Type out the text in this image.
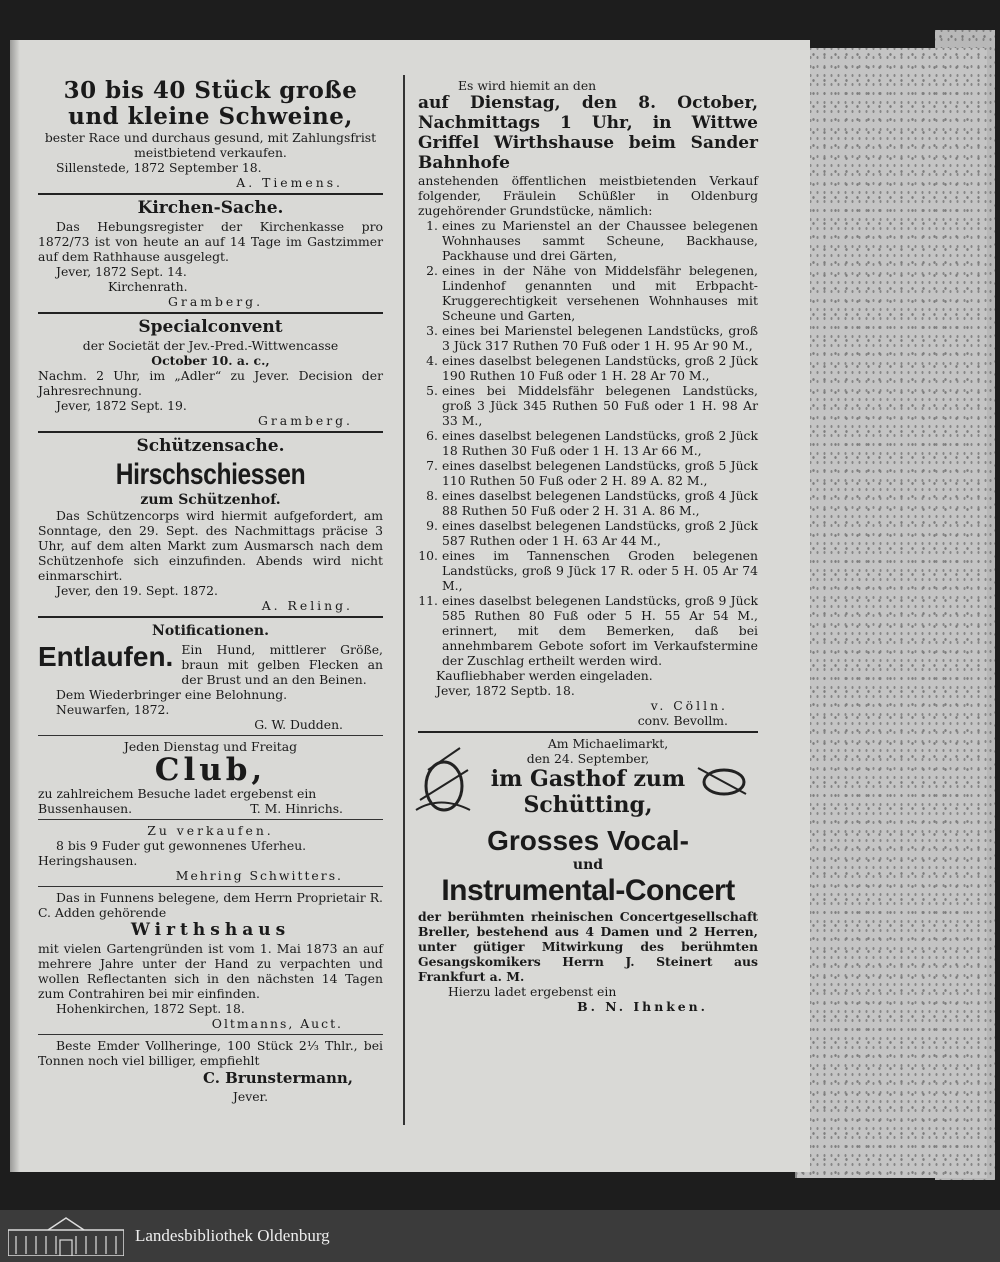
30 bis 40 Stück große und kleine Schweine,
bester Race und durchaus gesund, mit Zahlungsfrist meistbietend verkaufen.
Sillenstede, 1872 September 18.
A. Tiemens.
Kirchen-Sache.
Das Hebungsregister der Kirchenkasse pro 1872/73 ist von heute an auf 14 Tage im Gastzimmer auf dem Rathhause ausgelegt.
Jever, 1872 Sept. 14.
Kirchenrath.
Gramberg.
Specialconvent
der Societät der Jev.-Pred.-Wittwencasse
October 10. a. c.,
Nachm. 2 Uhr, im „Adler“ zu Jever. Decision der Jahresrechnung.
Jever, 1872 Sept. 19.
Gramberg.
Schützensache.
Hirschschiessen
zum Schützenhof.
Das Schützencorps wird hiermit aufgefordert, am Sonntage, den 29. Sept. des Nachmittags präcise 3 Uhr, auf dem alten Markt zum Ausmarsch nach dem Schützenhofe sich einzufinden. Abends wird nicht einmarschirt.
Jever, den 19. Sept. 1872.
A. Reling.
Notificationen.
Entlaufen. Ein Hund, mittlerer Größe, braun mit gelben Flecken an der Brust und an den Beinen.
Dem Wiederbringer eine Belohnung.
Neuwarfen, 1872.
G. W. Dudden.
Jeden Dienstag und Freitag
Club,
zu zahlreichem Besuche ladet ergebenst ein
Bussenhausen.	T. M. Hinrichs.
Zu verkaufen.
8 bis 9 Fuder gut gewonnenes Uferheu.
Heringshausen.
Mehring Schwitters.
Das in Funnens belegene, dem Herrn Proprietair R. C. Adden gehörende
Wirthshaus
mit vielen Gartengründen ist vom 1. Mai 1873 an auf mehrere Jahre unter der Hand zu verpachten und wollen Reflectanten sich in den nächsten 14 Tagen zum Contrahiren bei mir einfinden.
Hohenkirchen, 1872 Sept. 18.
Oltmanns, Auct.
Beste Emder Vollheringe, 100 Stück 2⅓ Thlr., bei Tonnen noch viel billiger, empfiehlt
C. Brunstermann,
Jever.
Es wird hiemit an den
auf Dienstag, den 8. October, Nachmittags 1 Uhr, in Wittwe Griffel Wirthshause beim Sander Bahnhofe
anstehenden öffentlichen meistbietenden Verkauf folgender, Fräulein Schüßler in Oldenburg zugehörender Grundstücke, nämlich:
1. eines zu Marienstel an der Chaussee belegenen Wohnhauses sammt Scheune, Backhause, Packhause und drei Gärten,
2. eines in der Nähe von Middelsfähr belegenen, Lindenhof genannten und mit Erbpacht-Kruggerechtigkeit versehenen Wohnhauses mit Scheune und Garten,
3. eines bei Marienstel belegenen Landstücks, groß 3 Jück 317 Ruthen 70 Fuß oder 1 H. 95 Ar 90 M.,
4. eines daselbst belegenen Landstücks, groß 2 Jück 190 Ruthen 10 Fuß oder 1 H. 28 Ar 70 M.,
5. eines bei Middelsfähr belegenen Landstücks, groß 3 Jück 345 Ruthen 50 Fuß oder 1 H. 98 Ar 33 M.,
6. eines daselbst belegenen Landstücks, groß 2 Jück 18 Ruthen 30 Fuß oder 1 H. 13 Ar 66 M.,
7. eines daselbst belegenen Landstücks, groß 5 Jück 110 Ruthen 50 Fuß oder 2 H. 89 A. 82 M.,
8. eines daselbst belegenen Landstücks, groß 4 Jück 88 Ruthen 50 Fuß oder 2 H. 31 A. 86 M.,
9. eines daselbst belegenen Landstücks, groß 2 Jück 587 Ruthen oder 1 H. 63 Ar 44 M.,
10. eines im Tannenschen Groden belegenen Landstücks, groß 9 Jück 17 R. oder 5 H. 05 Ar 74 M.,
11. eines daselbst belegenen Landstücks, groß 9 Jück 585 Ruthen 80 Fuß oder 5 H. 55 Ar 54 M., erinnert, mit dem Bemerken, daß bei annehmbarem Gebote sofort im Verkaufstermine der Zuschlag ertheilt werden wird.
Kaufliebhaber werden eingeladen.
Jever, 1872 Septb. 18.
v. Cölln.
conv. Bevollm.
Am Michaelimarkt,
den 24. September,
im Gasthof zum
Schütting,
Grosses Vocal-
und
Instrumental-Concert
der berühmten rheinischen Concertgesellschaft Breller, bestehend aus 4 Damen und 2 Herren, unter gütiger Mitwirkung des berühmten Gesangskomikers Herrn J. Steinert aus Frankfurt a. M.
Hierzu ladet ergebenst ein
B. N. Ihnken.
Landesbibliothek Oldenburg
